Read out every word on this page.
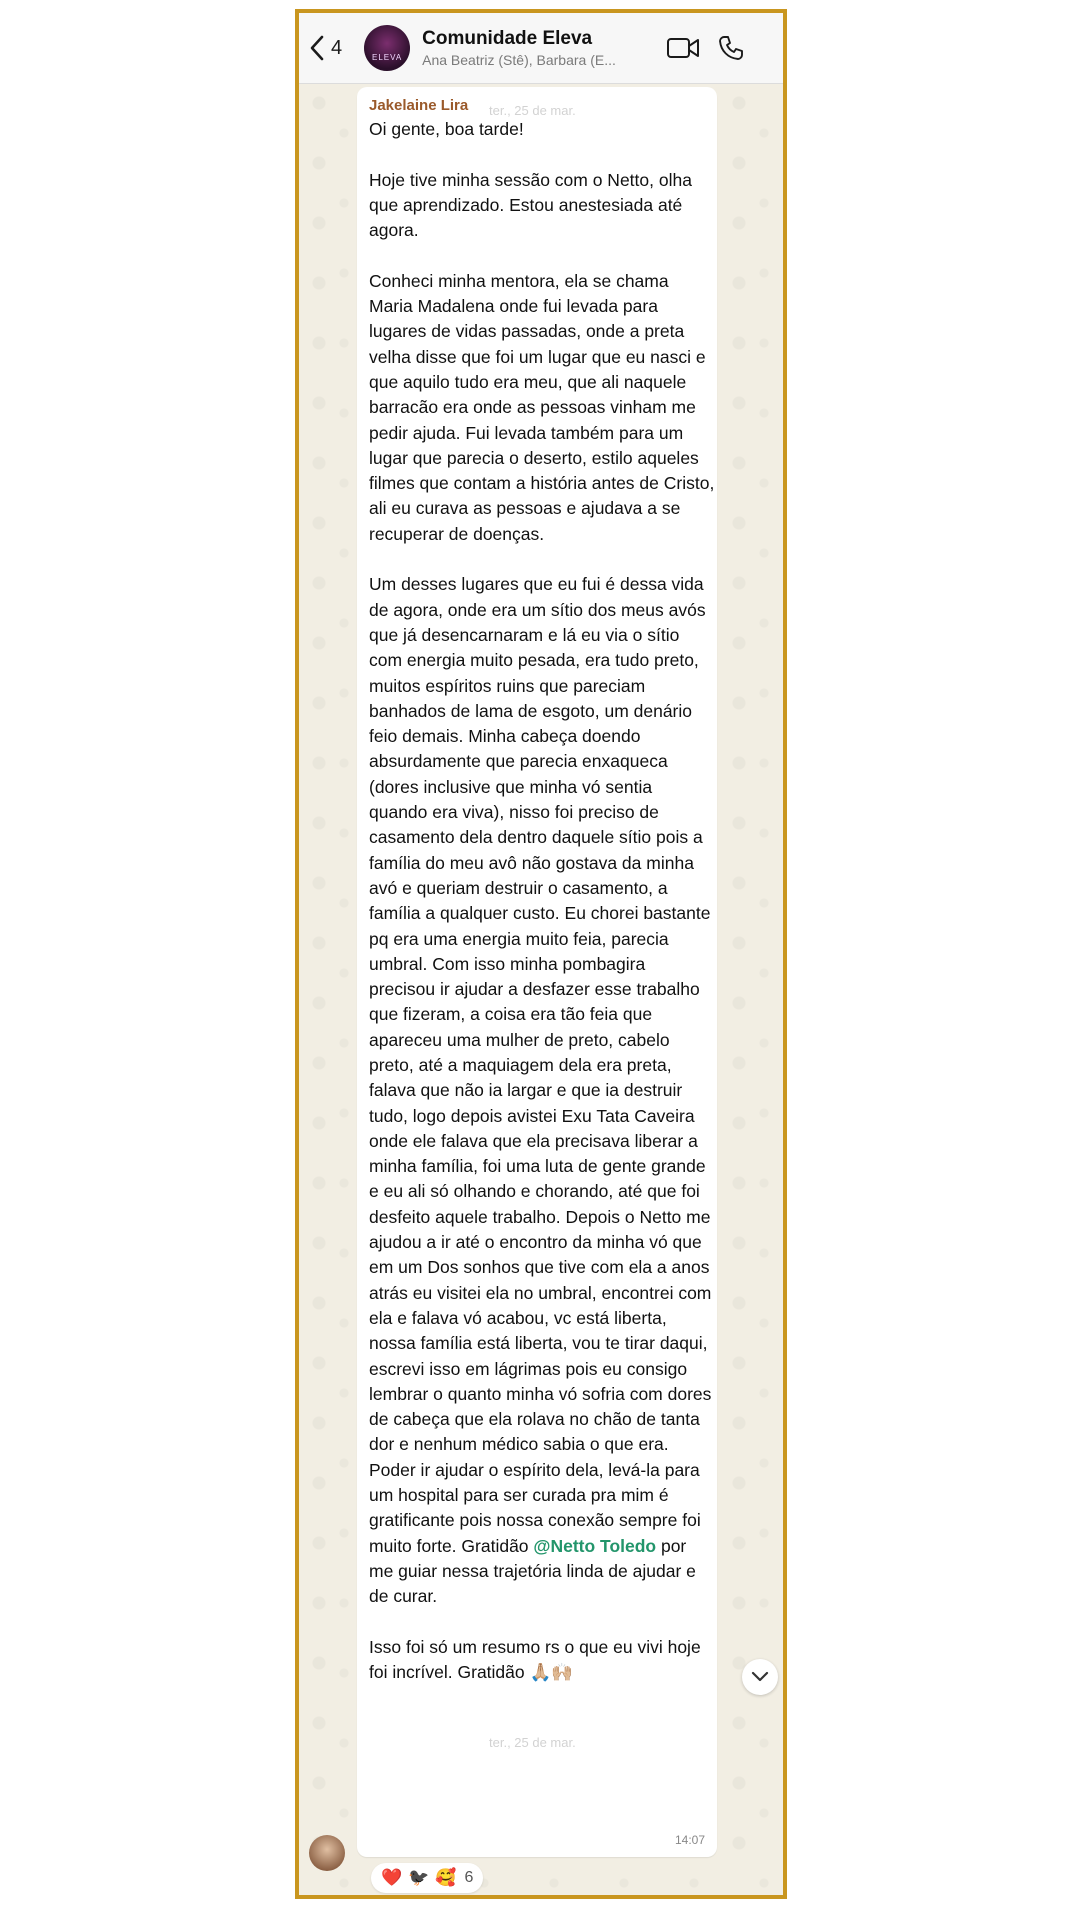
4	ELEVA
Comunidade Eleva
Ana Beatriz (Stê), Barbara (E...
ter., 25 de mar.
Jakelaine Lira

Oi gente, boa tarde!

Hoje tive minha sessão com o Netto, olha que aprendizado. Estou anestesiada até agora.

Conheci minha mentora, ela se chama Maria Madalena onde fui levada para lugares de vidas passadas, onde a preta velha disse que foi um lugar que eu nasci e que aquilo tudo era meu, que ali naquele barracão era onde as pessoas vinham me pedir ajuda. Fui levada também para um lugar que parecia o deserto, estilo aqueles filmes que contam a história antes de Cristo, ali eu curava as pessoas e ajudava a se recuperar de doenças.

Um desses lugares que eu fui é dessa vida de agora, onde era um sítio dos meus avós que já desencarnaram e lá eu via o sítio com energia muito pesada, era tudo preto, muitos espíritos ruins que pareciam banhados de lama de esgoto, um denário feio demais. Minha cabeça doendo absurdamente que parecia enxaqueca (dores inclusive que minha vó sentia quando era viva), nisso foi preciso de casamento dela dentro daquele sítio pois a família do meu avô não gostava da minha avó e queriam destruir o casamento, a família a qualquer custo. Eu chorei bastante pq era uma energia muito feia, parecia umbral. Com isso minha pombagira precisou ir ajudar a desfazer esse trabalho que fizeram, a coisa era tão feia que apareceu uma mulher de preto, cabelo preto, até a maquiagem dela era preta, falava que não ia largar e que ia destruir tudo, logo depois avistei Exu Tata Caveira onde ele falava que ela precisava liberar a minha família, foi uma luta de gente grande e eu ali só olhando e chorando, até que foi desfeito aquele trabalho. Depois o Netto me ajudou a ir até o encontro da minha vó que em um Dos sonhos que tive com ela a anos atrás eu visitei ela no umbral, encontrei com ela e falava vó acabou, vc está liberta, nossa família está liberta, vou te tirar daqui, escrevi isso em lágrimas pois eu consigo lembrar o quanto minha vó sofria com dores de cabeça que ela rolava no chão de tanta dor e nenhum médico sabia o que era. Poder ir ajudar o espírito dela, levá-la para um hospital para ser curada pra mim é gratificante pois nossa conexão sempre foi muito forte. Gratidão @Netto Toledo por me guiar nessa trajetória linda de ajudar e de curar.

Isso foi só um resumo rs o que eu vivi hoje foi incrível. Gratidão 🙏🏼🙌🏼

14:07
ter., 25 de mar.
❤️ 🐦‍⬛ 🥰 6
